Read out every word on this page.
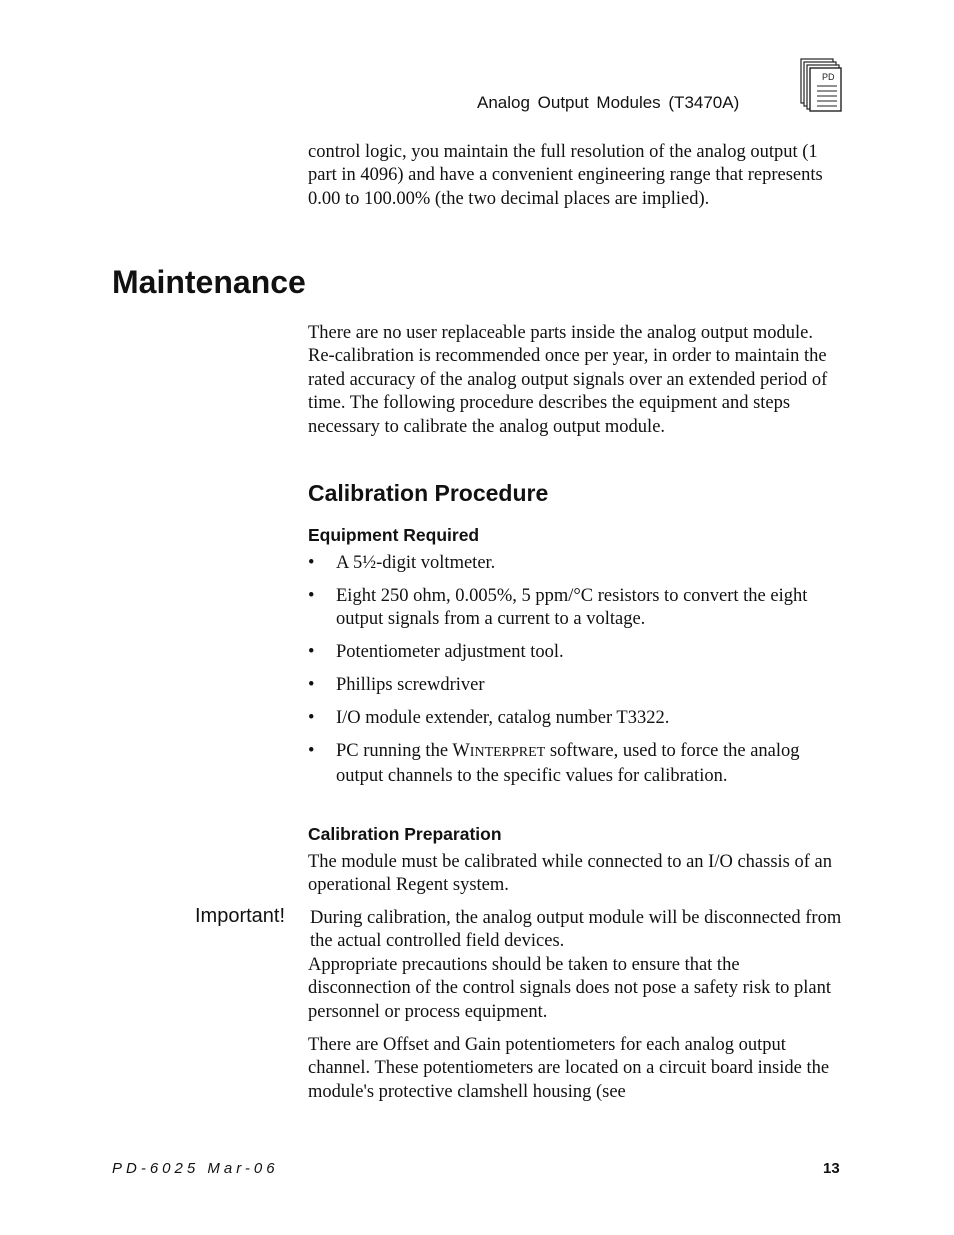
Analog Output Modules (T3470A)
PD

control logic, you maintain the full resolution of the analog output (1 part in 4096) and have a convenient engineering range that represents 0.00 to 100.00% (the two decimal places are implied).

Maintenance

There are no user replaceable parts inside the analog output module. Re-calibration is recommended once per year, in order to maintain the rated accuracy of the analog output signals over an extended period of time. The following procedure describes the equipment and steps necessary to calibrate the analog output module.

Calibration Procedure
Equipment Required
• A 5½-digit voltmeter.
• Eight 250 ohm, 0.005%, 5 ppm/°C resistors to convert the eight output signals from a current to a voltage.
• Potentiometer adjustment tool.
• Phillips screwdriver
• I/O module extender, catalog number T3322.
• PC running the WINTERPRET software, used to force the analog output channels to the specific values for calibration.
Calibration Preparation

The module must be calibrated while connected to an I/O chassis of an operational Regent system.

Important! During calibration, the analog output module will be disconnected from the actual controlled field devices.

Appropriate precautions should be taken to ensure that the disconnection of the control signals does not pose a safety risk to plant personnel or process equipment.

There are Offset and Gain potentiometers for each analog output channel. These potentiometers are located on a circuit board inside the module's protective clamshell housing (see

PD-6025 Mar-06	13
